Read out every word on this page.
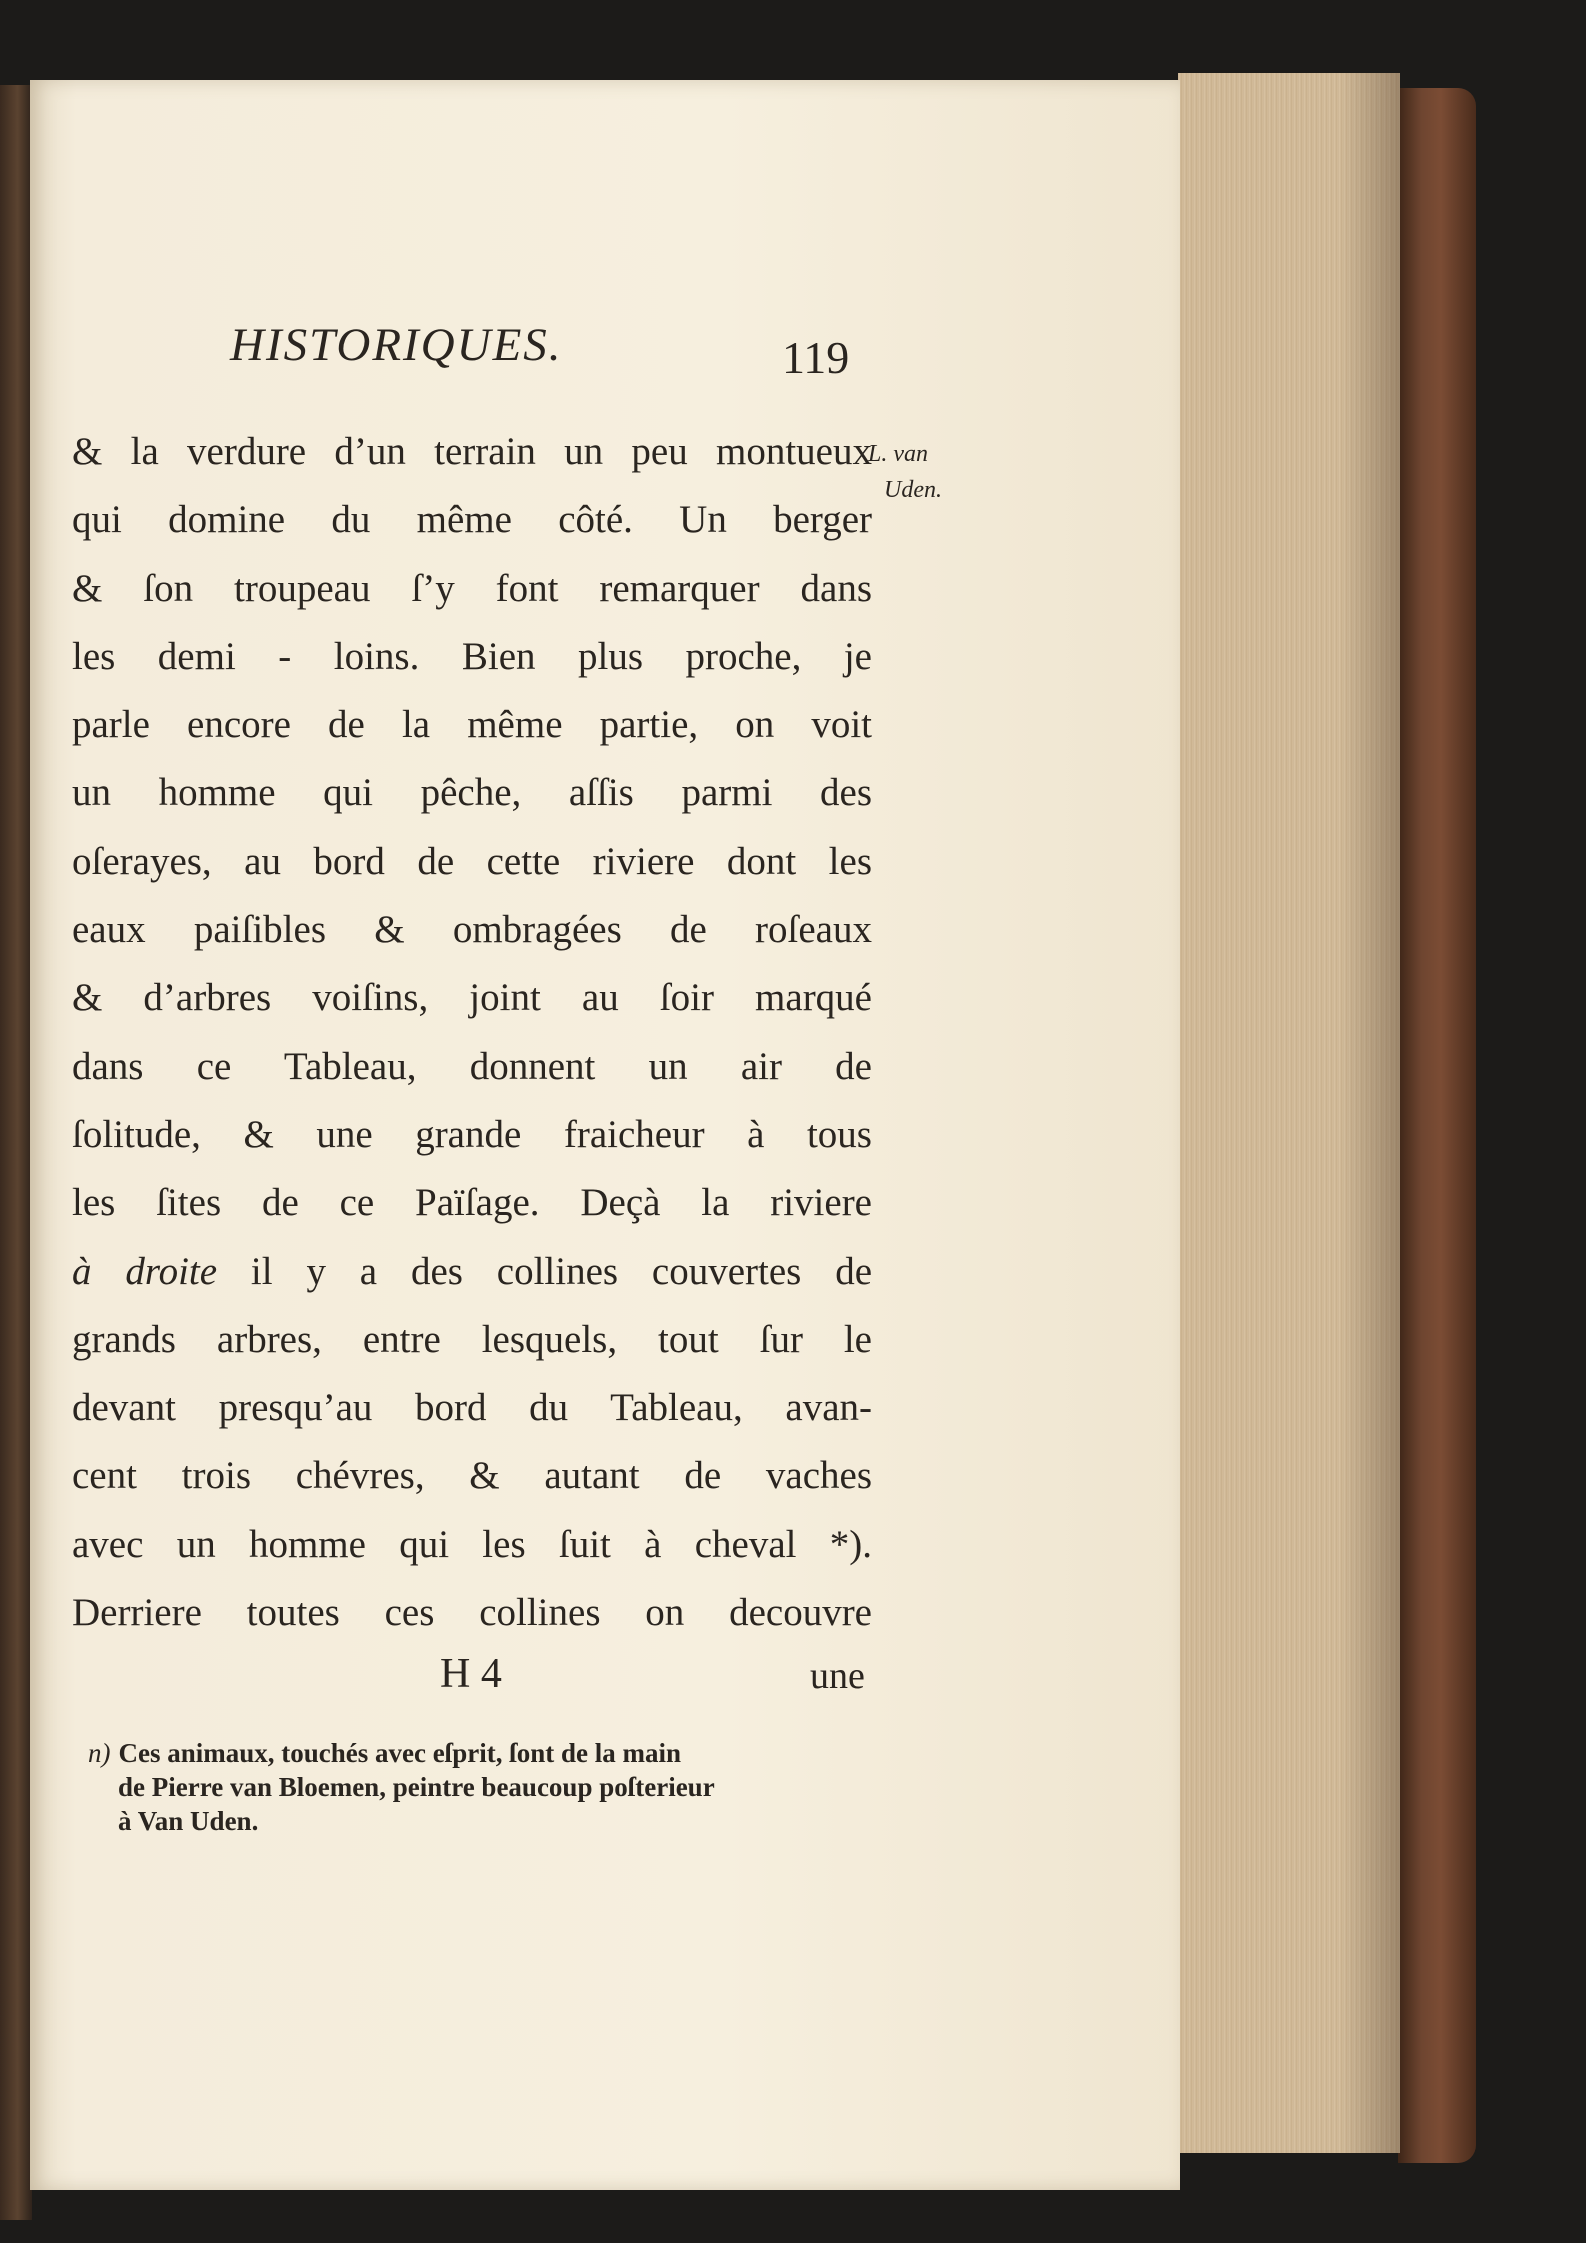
HISTORIQUES.	119
L. van
Uden.
& la verdure d’un terrain un peu montueux
qui domine du même côté. Un berger
& ſon troupeau ſ’y font remarquer dans
les demi - loins. Bien plus proche, je
parle encore de la même partie, on voit
un homme qui pêche, aſſis parmi des
oſerayes, au bord de cette riviere dont les
eaux paiſibles & ombragées de roſeaux
& d’arbres voiſins, joint au ſoir marqué
dans ce Tableau, donnent un air de
ſolitude, & une grande fraicheur à tous
les ſites de ce Païſage. Deçà la riviere
à droite il y a des collines couvertes de
grands arbres, entre lesquels, tout ſur le
devant presqu’au bord du Tableau, avan-
cent trois chévres, & autant de vaches
avec un homme qui les ſuit à cheval *).
Derriere toutes ces collines on decouvre
H 4	une
n) Ces animaux, touchés avec eſprit, ſont de la main
de Pierre van Bloemen, peintre beaucoup poſterieur
à Van Uden.
